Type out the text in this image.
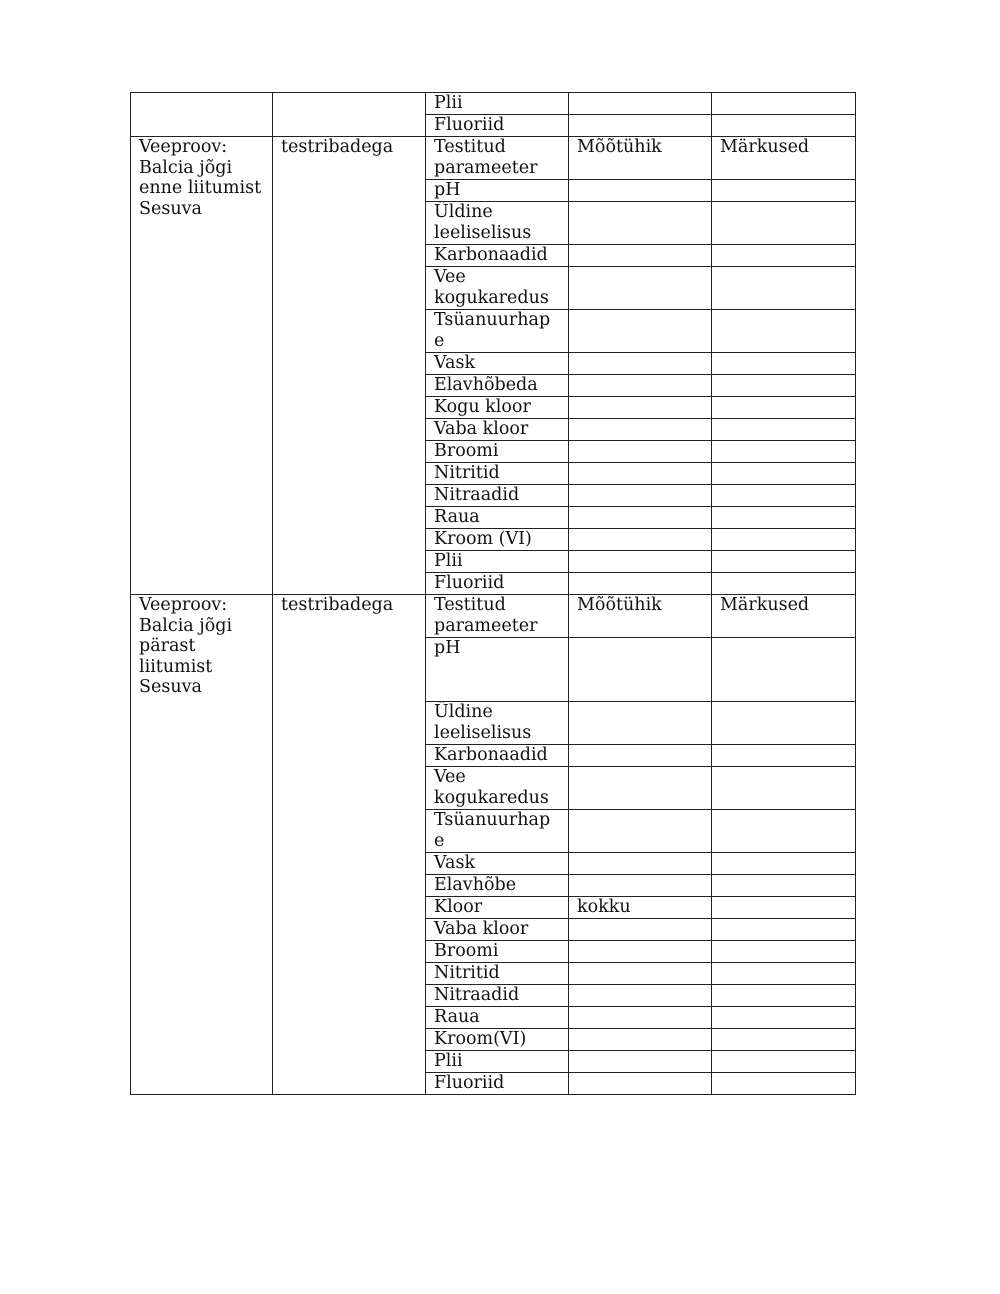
		Plii		
		Fluoriid		
Veeproov: Balcia jõgi enne liitumist Sesuva	testribadega	Testitud parameeter	Mõõtühik	Märkused
		pH		
		Üldine leeliselisus		
		Karbonaadid		
		Vee kogukaredus		
		Tsüanuurhape		
		Vask		
		Elavhõbeda		
		Kogu kloor		
		Vaba kloor		
		Broomi		
		Nitritid		
		Nitraadid		
		Raua		
		Kroom (VI)		
		Plii		
		Fluoriid		
Veeproov: Balcia jõgi pärast liitumist Sesuva	testribadega	Testitud parameeter	Mõõtühik	Märkused
		pH		
		Üldine leeliselisus		
		Karbonaadid		
		Vee kogukaredus		
		Tsüanuurhape		
		Vask		
		Elavhõbe		
		Kloor	kokku	
		Vaba kloor		
		Broomi		
		Nitritid		
		Nitraadid		
		Raua		
		Kroom(VI)		
		Plii		
		Fluoriid		
